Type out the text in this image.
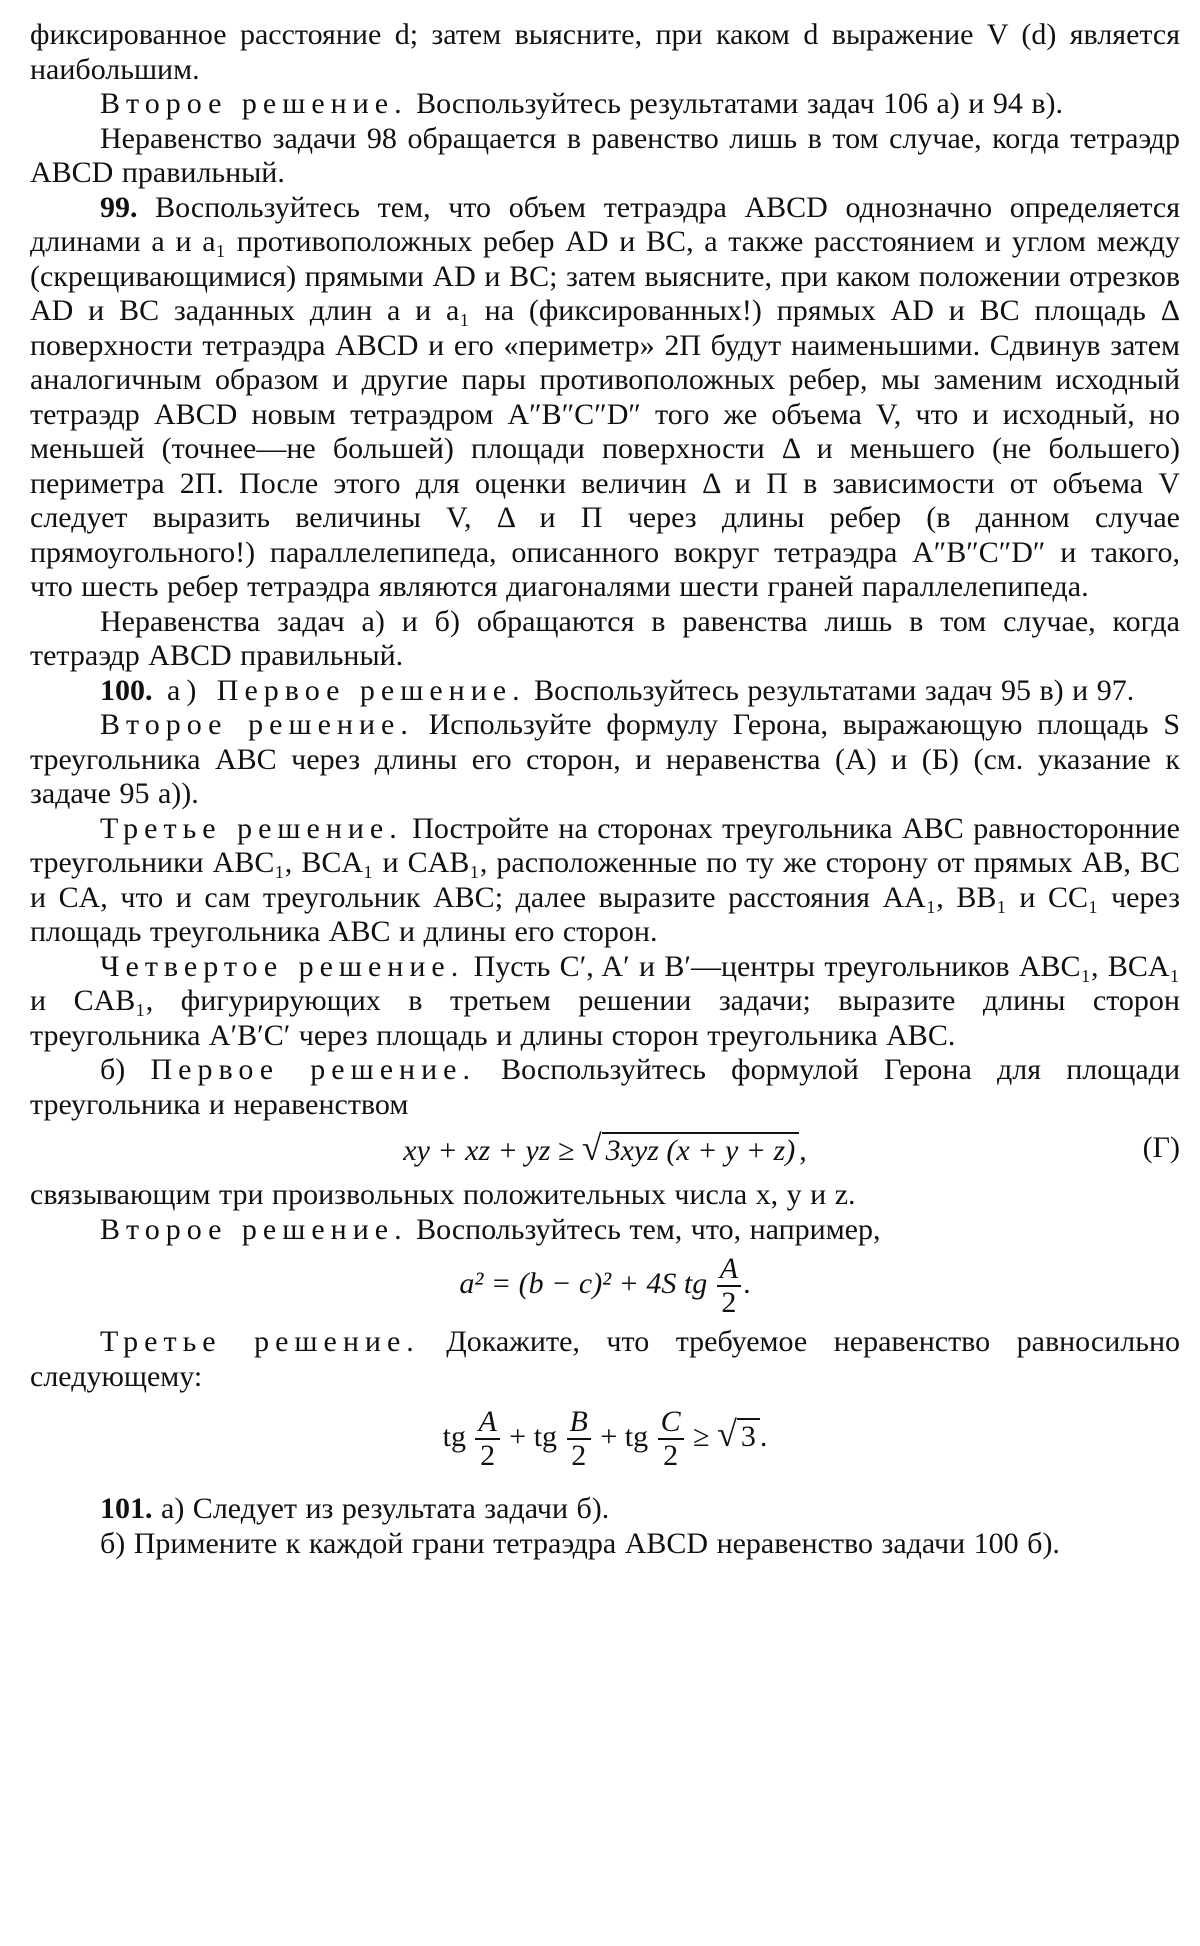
фиксированное расстояние d; затем выясните, при каком d выражение V (d) является наибольшим.

Второе решение. Воспользуйтесь результатами задач 106 а) и 94 в).

Неравенство задачи 98 обращается в равенство лишь в том случае, когда тетраэдр ABCD правильный.

99. Воспользуйтесь тем, что объем тетраэдра ABCD однозначно определяется длинами a и a₁ противоположных ребер AD и BC, а также расстоянием и углом между (скрещивающимися) прямыми AD и BC; затем выясните, при каком положении отрезков AD и BC заданных длин a и a₁ на (фиксированных!) прямых AD и BC площадь Δ поверхности тетраэдра ABCD и его «периметр» 2П будут наименьшими. Сдвинув затем аналогичным образом и другие пары противоположных ребер, мы заменим исходный тетраэдр ABCD новым тетраэдром A″B″C″D″ того же объема V, что и исходный, но меньшей (точнее—не большей) площади поверхности Δ и меньшего (не большего) периметра 2П. После этого для оценки величин Δ и П в зависимости от объема V следует выразить величины V, Δ и П через длины ребер (в данном случае прямоугольного!) параллелепипеда, описанного вокруг тетраэдра A″B″C″D″ и такого, что шесть ребер тетраэдра являются диагоналями шести граней параллелепипеда.

Неравенства задач а) и б) обращаются в равенства лишь в том случае, когда тетраэдр ABCD правильный.

100. а) Первое решение. Воспользуйтесь результатами задач 95 в) и 97.

Второе решение. Используйте формулу Герона, выражающую площадь S треугольника ABC через длины его сторон, и неравенства (А) и (Б) (см. указание к задаче 95 а)).

Третье решение. Постройте на сторонах треугольника ABC равносторонние треугольники ABC₁, BCA₁ и CAB₁, расположенные по ту же сторону от прямых AB, BC и CA, что и сам треугольник ABC; далее выразите расстояния AA₁, BB₁ и CC₁ через площадь треугольника ABC и длины его сторон.

Четвертое решение. Пусть C′, A′ и B′—центры треугольников ABC₁, BCA₁ и CAB₁, фигурирующих в третьем решении задачи; выразите длины сторон треугольника A′B′C′ через площадь и длины сторон треугольника ABC.

б) Первое решение. Воспользуйтесь формулой Герона для площади треугольника и неравенством

xy + xz + yz ≥ √ 3xyz (x + y + z) ,	(Г)

связывающим три произвольных положительных числа x, y и z.

Второе решение. Воспользуйтесь тем, что, например,

a² = (b − c)² + 4S tg $\frac{A}{2}$ .

Третье решение. Докажите, что требуемое неравенство равносильно следующему:

tg $\frac{A}{2}$ + tg $\frac{B}{2}$ + tg $\frac{C}{2}$ ≥ √ 3 .

101. а) Следует из результата задачи б).

б) Примените к каждой грани тетраэдра ABCD неравенство задачи 100 б).
